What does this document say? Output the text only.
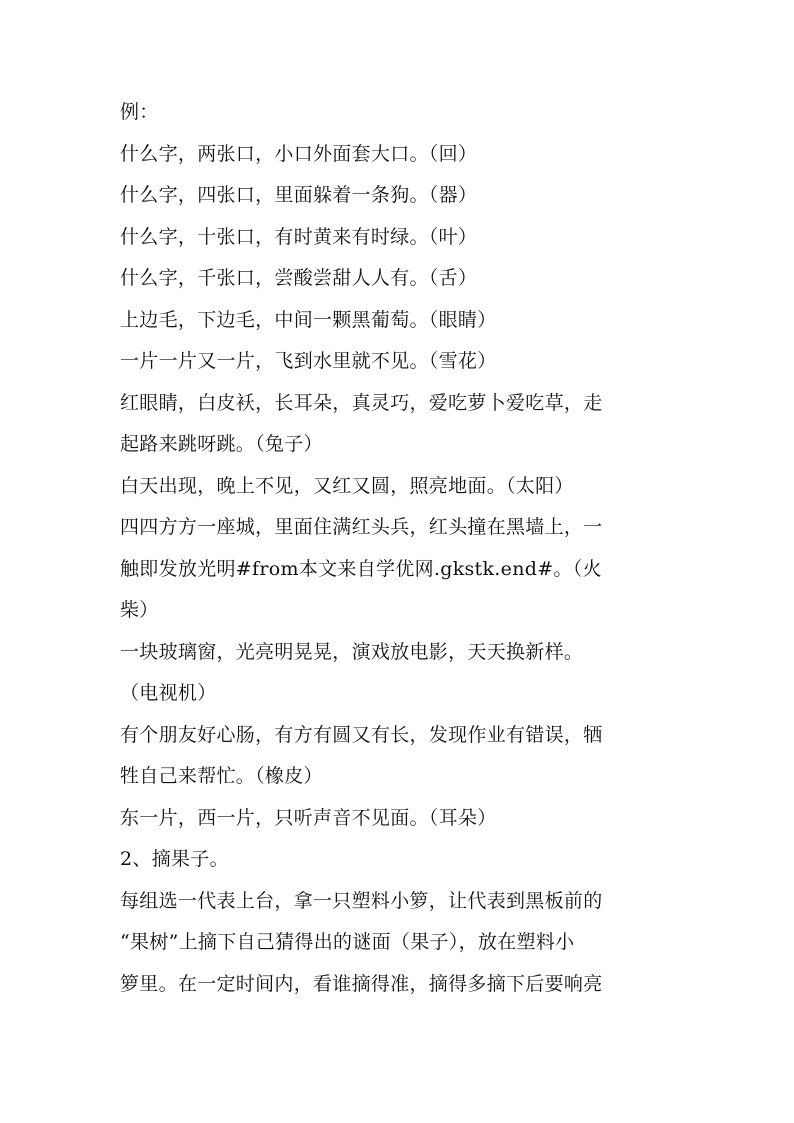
例：

什么字，两张口，小口外面套大口。（回）

什么字，四张口，里面躲着一条狗。（器）

什么字，十张口，有时黄来有时绿。（叶）

什么字，千张口，尝酸尝甜人人有。（舌）

上边毛，下边毛，中间一颗黑葡萄。（眼睛）

一片一片又一片，飞到水里就不见。（雪花）

红眼睛，白皮袄，长耳朵，真灵巧，爱吃萝卜爱吃草，走

起路来跳呀跳。（兔子）

白天出现，晚上不见，又红又圆，照亮地面。（太阳）

四四方方一座城，里面住满红头兵，红头撞在黑墙上，一

触即发放光明#from本文来自学优网.gkstk.end#。（火

柴）

一块玻璃窗，光亮明晃晃，演戏放电影，天天换新样。

（电视机）

有个朋友好心肠，有方有圆又有长，发现作业有错误，牺

牲自己来帮忙。（橡皮）

东一片，西一片，只听声音不见面。（耳朵）

2、摘果子。

每组选一代表上台，拿一只塑料小箩，让代表到黑板前的

“果树”上摘下自己猜得出的谜面（果子），放在塑料小

箩里。在一定时间内，看谁摘得准，摘得多摘下后要响亮
